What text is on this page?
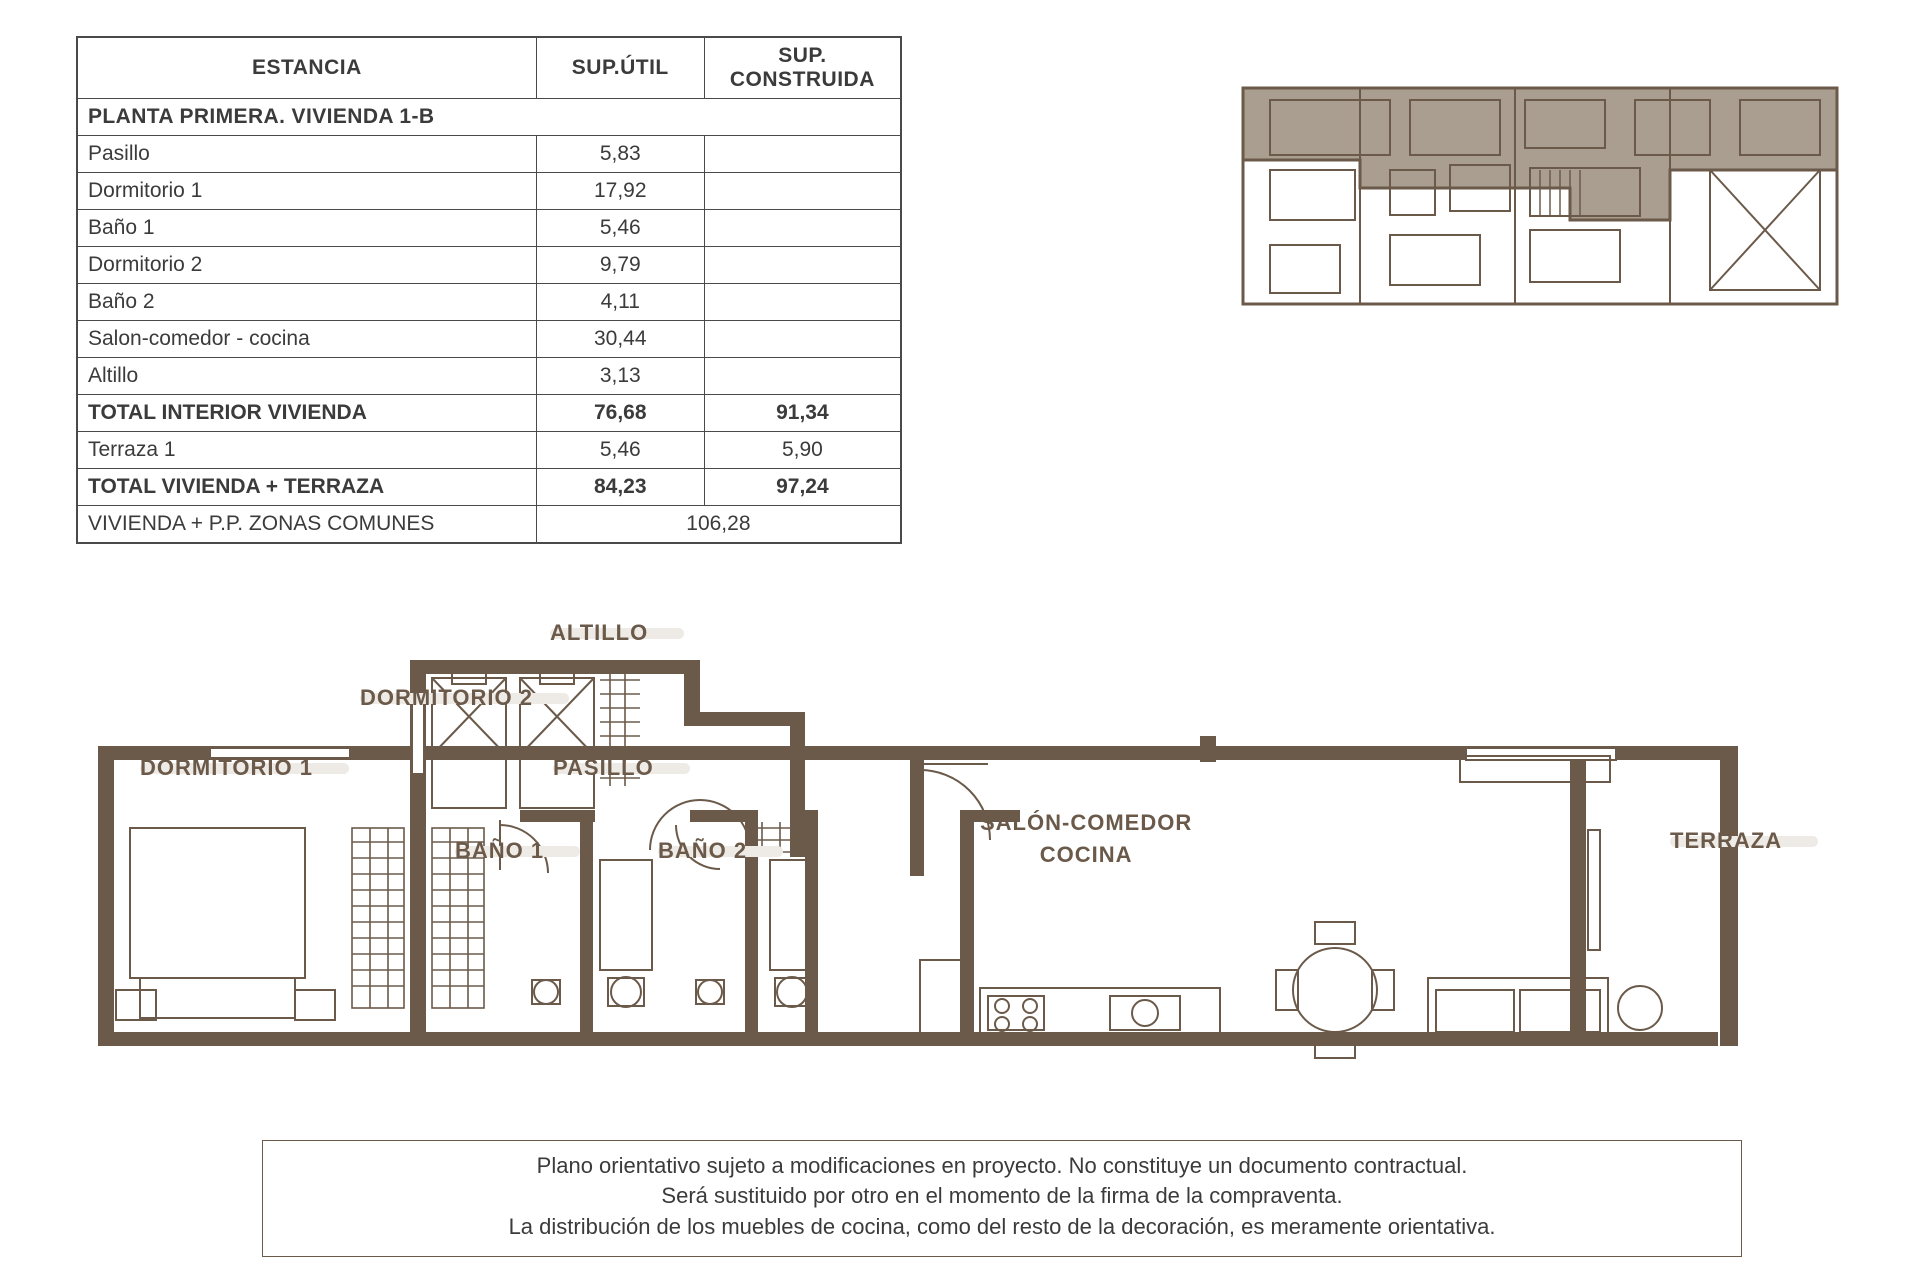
ESTANCIA	SUP.ÚTIL	SUP.
CONSTRUIDA
PLANTA PRIMERA. VIVIENDA 1-B		
Pasillo	5,83	
Dormitorio 1	17,92	
Baño 1	5,46	
Dormitorio 2	9,79	
Baño 2	4,11	
Salon-comedor - cocina	30,44	
Altillo	3,13	
TOTAL INTERIOR VIVIENDA	76,68	91,34
Terraza 1	5,46	5,90
TOTAL VIVIENDA + TERRAZA	84,23	97,24
VIVIENDA + P.P. ZONAS COMUNES	106,28	
DORMITORIO 2
ALTILLO
DORMITORIO 1	PASILLO
BAÑO 1	BAÑO 2
SALÓN-COMEDOR
COCINA
TERRAZA
Plano orientativo sujeto a modificaciones en proyecto. No constituye un documento contractual.
Será sustituido por otro en el momento de la firma de la compraventa.
La distribución de los muebles de cocina, como del resto de la decoración, es meramente orientativa.
